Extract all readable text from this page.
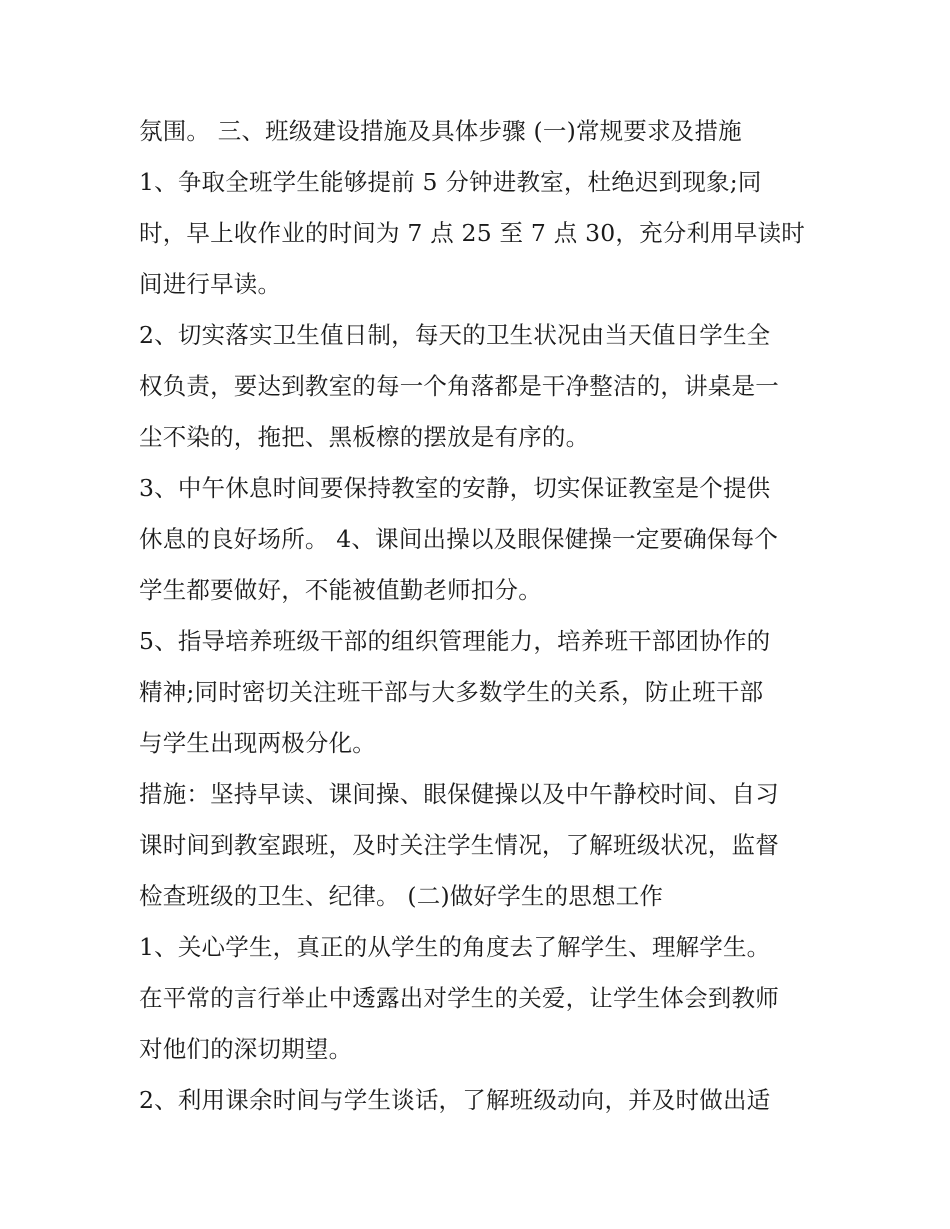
氛围。 三、班级建设措施及具体步骤 (一)常规要求及措施
1、争取全班学生能够提前 5 分钟进教室，杜绝迟到现象;同
时，早上收作业的时间为 7 点 25 至 7 点 30，充分利用早读时
间进行早读。
2、切实落实卫生值日制，每天的卫生状况由当天值日学生全
权负责，要达到教室的每一个角落都是干净整洁的，讲桌是一
尘不染的，拖把、黑板檫的摆放是有序的。
3、中午休息时间要保持教室的安静，切实保证教室是个提供
休息的良好场所。 4、课间出操以及眼保健操一定要确保每个
学生都要做好，不能被值勤老师扣分。
5、指导培养班级干部的组织管理能力，培养班干部团协作的
精神;同时密切关注班干部与大多数学生的关系，防止班干部
与学生出现两极分化。
措施：坚持早读、课间操、眼保健操以及中午静校时间、自习
课时间到教室跟班，及时关注学生情况，了解班级状况，监督
检查班级的卫生、纪律。 (二)做好学生的思想工作
1、关心学生，真正的从学生的角度去了解学生、理解学生。
在平常的言行举止中透露出对学生的关爱，让学生体会到教师
对他们的深切期望。
2、利用课余时间与学生谈话，了解班级动向，并及时做出适
